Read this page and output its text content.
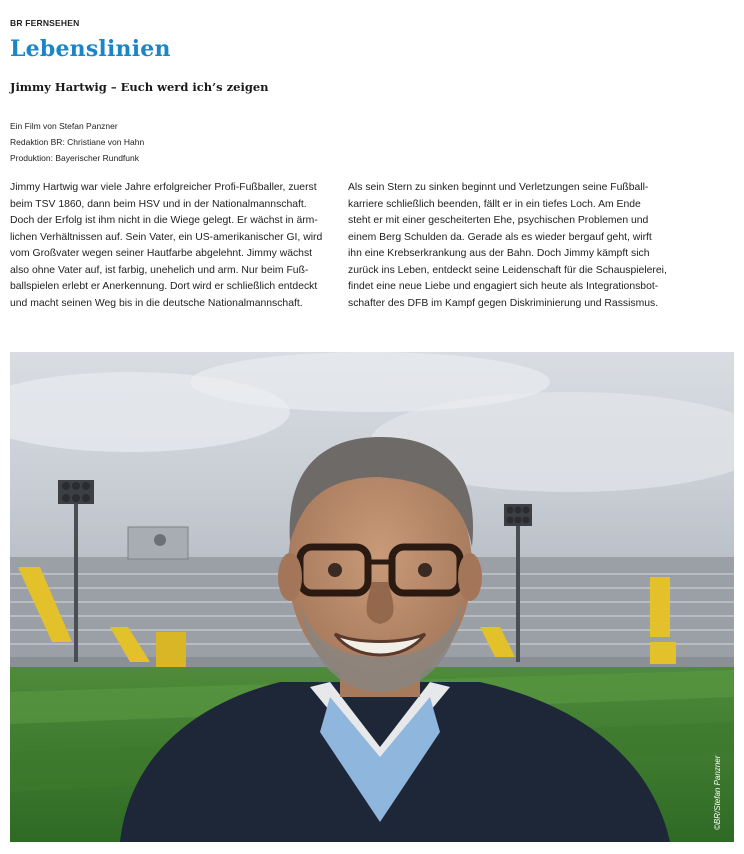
BR FERNSEHEN
Lebenslinien
Jimmy Hartwig – Euch werd ich’s zeigen
Ein Film von Stefan Panzner
Redaktion BR: Christiane von Hahn
Produktion: Bayerischer Rundfunk
Jimmy Hartwig war viele Jahre erfolgreicher Profi-Fußballer, zuerst
beim TSV 1860, dann beim HSV und in der Nationalmannschaft.
Doch der Erfolg ist ihm nicht in die Wiege gelegt. Er wächst in ärm-
lichen Verhältnissen auf. Sein Vater, ein US-amerikanischer GI, wird
vom Großvater wegen seiner Hautfarbe abgelehnt. Jimmy wächst
also ohne Vater auf, ist farbig, unehelich und arm. Nur beim Fuß-
ballspielen erlebt er Anerkennung. Dort wird er schließlich entdeckt
und macht seinen Weg bis in die deutsche Nationalmannschaft.
Als sein Stern zu sinken beginnt und Verletzungen seine Fußball-
karriere schließlich beenden, fällt er in ein tiefes Loch. Am Ende
steht er mit einer gescheiterten Ehe, psychischen Problemen und
einem Berg Schulden da. Gerade als es wieder bergauf geht, wirft
ihn eine Krebserkrankung aus der Bahn. Doch Jimmy kämpft sich
zurück ins Leben, entdeckt seine Leidenschaft für die Schauspielerei,
findet eine neue Liebe und engagiert sich heute als Integrationsbot-
schafter des DFB im Kampf gegen Diskriminierung und Rassismus.
©BR/Stefan Panzner
